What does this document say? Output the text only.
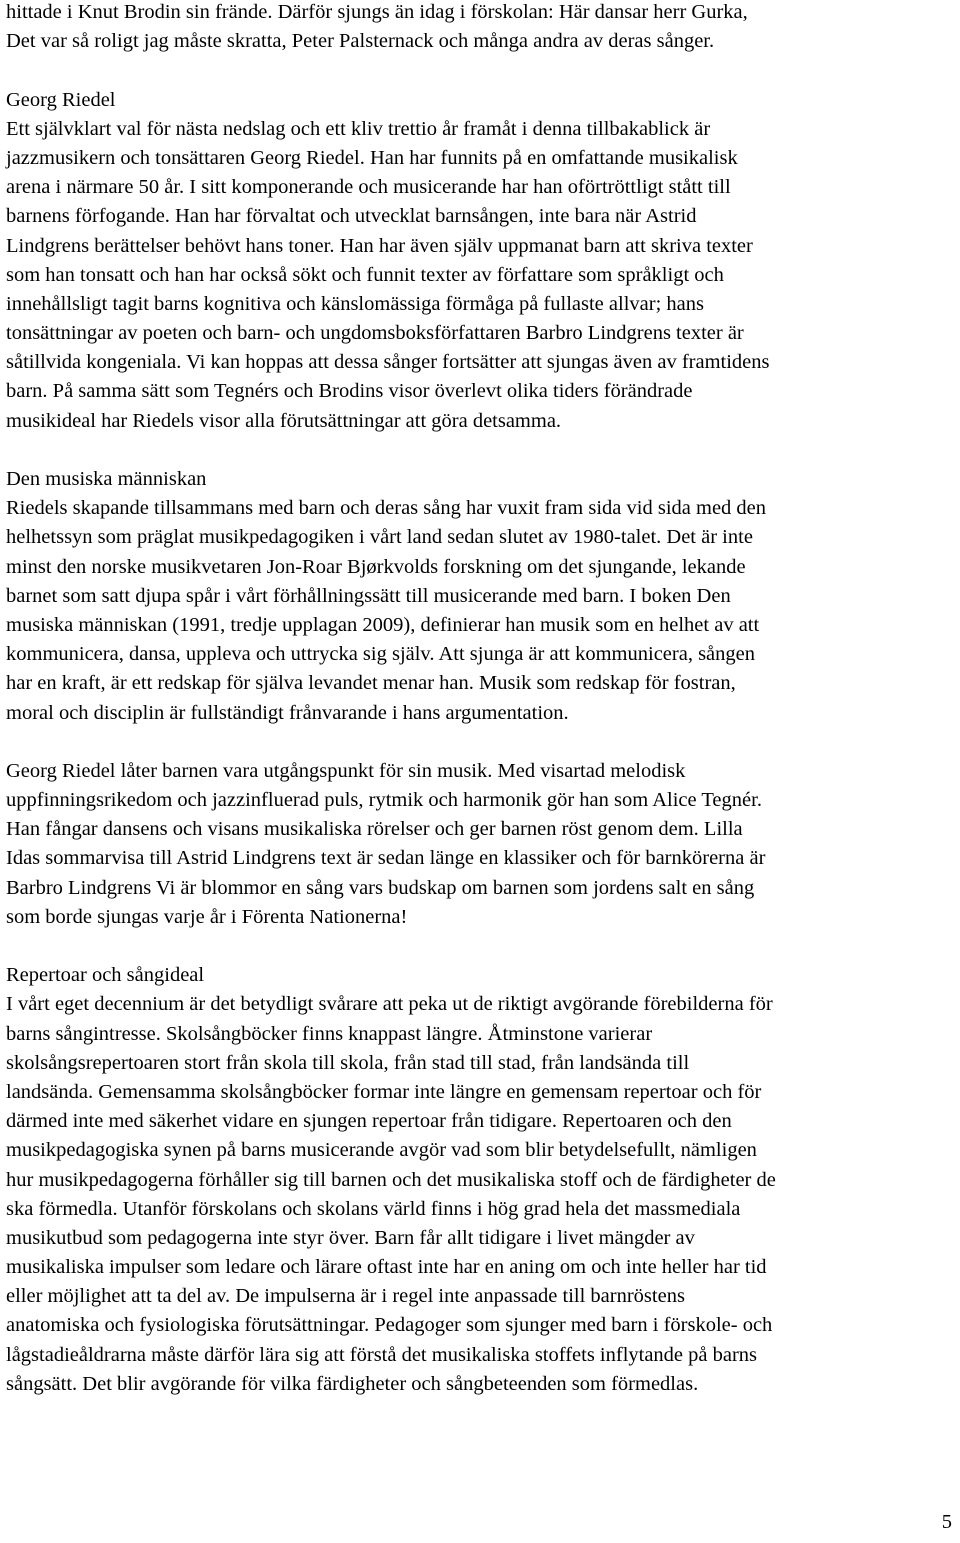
hittade i Knut Brodin sin frände. Därför sjungs än idag i förskolan: Här dansar herr Gurka,

Det var så roligt jag måste skratta, Peter Palsternack och många andra av deras sånger.

Georg Riedel

Ett självklart val för nästa nedslag och ett kliv trettio år framåt i denna tillbakablick är

jazzmusikern och tonsättaren Georg Riedel. Han har funnits på en omfattande musikalisk

arena i närmare 50 år. I sitt komponerande och musicerande har han oförtröttligt stått till

barnens förfogande. Han har förvaltat och utvecklat barnsången, inte bara när Astrid

Lindgrens berättelser behövt hans toner. Han har även själv uppmanat barn att skriva texter

som han tonsatt och han har också sökt och funnit texter av författare som språkligt och

innehållsligt tagit barns kognitiva och känslomässiga förmåga på fullaste allvar; hans

tonsättningar av poeten och barn- och ungdomsboksförfattaren Barbro Lindgrens texter är

såtillvida kongeniala. Vi kan hoppas att dessa sånger fortsätter att sjungas även av framtidens

barn. På samma sätt som Tegnérs och Brodins visor överlevt olika tiders förändrade

musikideal har Riedels visor alla förutsättningar att göra detsamma.

Den musiska människan

Riedels skapande tillsammans med barn och deras sång har vuxit fram sida vid sida med den

helhetssyn som präglat musikpedagogiken i vårt land sedan slutet av 1980-talet. Det är inte

minst den norske musikvetaren Jon-Roar Bjørkvolds forskning om det sjungande, lekande

barnet som satt djupa spår i vårt förhållningssätt till musicerande med barn. I boken Den

musiska människan (1991, tredje upplagan 2009), definierar han musik som en helhet av att

kommunicera, dansa, uppleva och uttrycka sig själv. Att sjunga är att kommunicera, sången

har en kraft, är ett redskap för själva levandet menar han. Musik som redskap för fostran,

moral och disciplin är fullständigt frånvarande i hans argumentation.

Georg Riedel låter barnen vara utgångspunkt för sin musik. Med visartad melodisk

uppfinningsrikedom och jazzinfluerad puls, rytmik och harmonik gör han som Alice Tegnér.

Han fångar dansens och visans musikaliska rörelser och ger barnen röst genom dem. Lilla

Idas sommarvisa till Astrid Lindgrens text är sedan länge en klassiker och för barnkörerna är

Barbro Lindgrens Vi är blommor en sång vars budskap om barnen som jordens salt en sång

som borde sjungas varje år i Förenta Nationerna!

Repertoar och sångideal

I vårt eget decennium är det betydligt svårare att peka ut de riktigt avgörande förebilderna för

barns sångintresse. Skolsångböcker finns knappast längre. Åtminstone varierar

skolsångsrepertoaren stort från skola till skola, från stad till stad, från landsända till

landsända. Gemensamma skolsångböcker formar inte längre en gemensam repertoar och för

därmed inte med säkerhet vidare en sjungen repertoar från tidigare. Repertoaren och den

musikpedagogiska synen på barns musicerande avgör vad som blir betydelsefullt, nämligen

hur musikpedagogerna förhåller sig till barnen och det musikaliska stoff och de färdigheter de

ska förmedla. Utanför förskolans och skolans värld finns i hög grad hela det massmediala

musikutbud som pedagogerna inte styr över. Barn får allt tidigare i livet mängder av

musikaliska impulser som ledare och lärare oftast inte har en aning om och inte heller har tid

eller möjlighet att ta del av. De impulserna är i regel inte anpassade till barnröstens

anatomiska och fysiologiska förutsättningar. Pedagoger som sjunger med barn i förskole- och

lågstadieåldrarna måste därför lära sig att förstå det musikaliska stoffets inflytande på barns

sångsätt. Det blir avgörande för vilka färdigheter och sångbeteenden som förmedlas.

5
